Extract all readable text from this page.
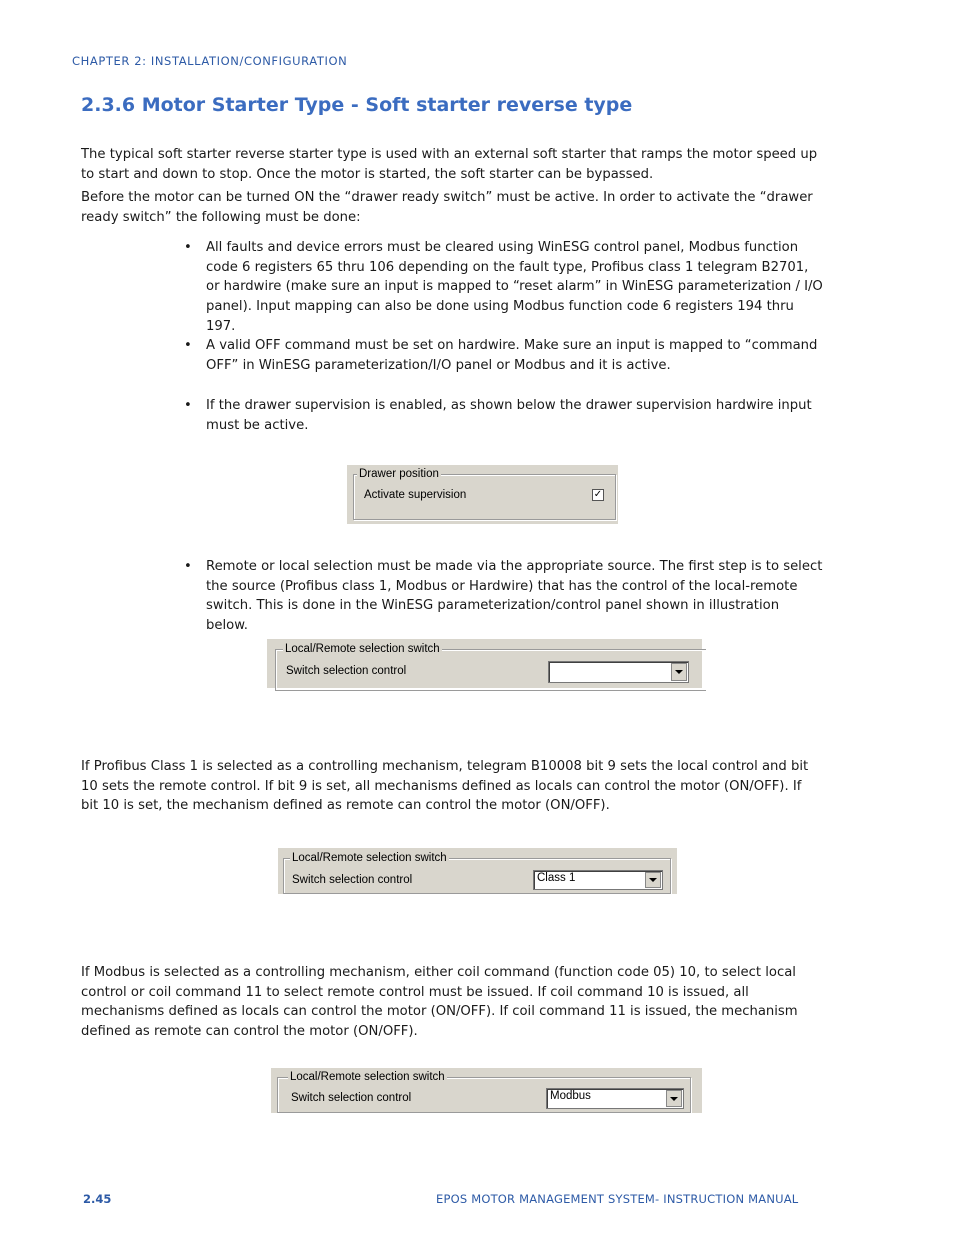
CHAPTER 2: INSTALLATION/CONFIGURATION
2.3.6 Motor Starter Type - Soft starter reverse type
The typical soft starter reverse starter type is used with an external soft starter that ramps the motor speed up to start and down to stop. Once the motor is started, the soft starter can be bypassed.
Before the motor can be turned ON the “drawer ready switch” must be active. In order to activate the “drawer ready switch” the following must be done:
• All faults and device errors must be cleared using WinESG control panel, Modbus function code 6 registers 65 thru 106 depending on the fault type, Profibus class 1 telegram B2701, or hardwire (make sure an input is mapped to “reset alarm” in WinESG parameterization / I/O panel). Input mapping can also be done using Modbus function code 6 registers 194 thru 197.
• A valid OFF command must be set on hardwire. Make sure an input is mapped to “command OFF” in WinESG parameterization/I/O panel or Modbus and it is active.
• If the drawer supervision is enabled, as shown below the drawer supervision hardwire input must be active.
Drawer position
Activate supervision	✓
• Remote or local selection must be made via the appropriate source. The first step is to select the source (Profibus class 1, Modbus or Hardwire) that has the control of the local-remote switch. This is done in the WinESG parameterization/control panel shown in illustration below.
Local/Remote selection switch
Switch selection control
If Profibus Class 1 is selected as a controlling mechanism, telegram B10008 bit 9 sets the local control and bit 10 sets the remote control. If bit 9 is set, all mechanisms defined as locals can control the motor (ON/OFF). If bit 10 is set, the mechanism defined as remote can control the motor (ON/OFF).
Local/Remote selection switch
Switch selection control	Class 1
If Modbus is selected as a controlling mechanism, either coil command (function code 05) 10, to select local control or coil command 11 to select remote control must be issued. If coil command 10 is issued, all mechanisms defined as locals can control the motor (ON/OFF). If coil command 11 is issued, the mechanism defined as remote can control the motor (ON/OFF).
Local/Remote selection switch
Switch selection control	Modbus
2.45	EPOS MOTOR MANAGEMENT SYSTEM- INSTRUCTION MANUAL
